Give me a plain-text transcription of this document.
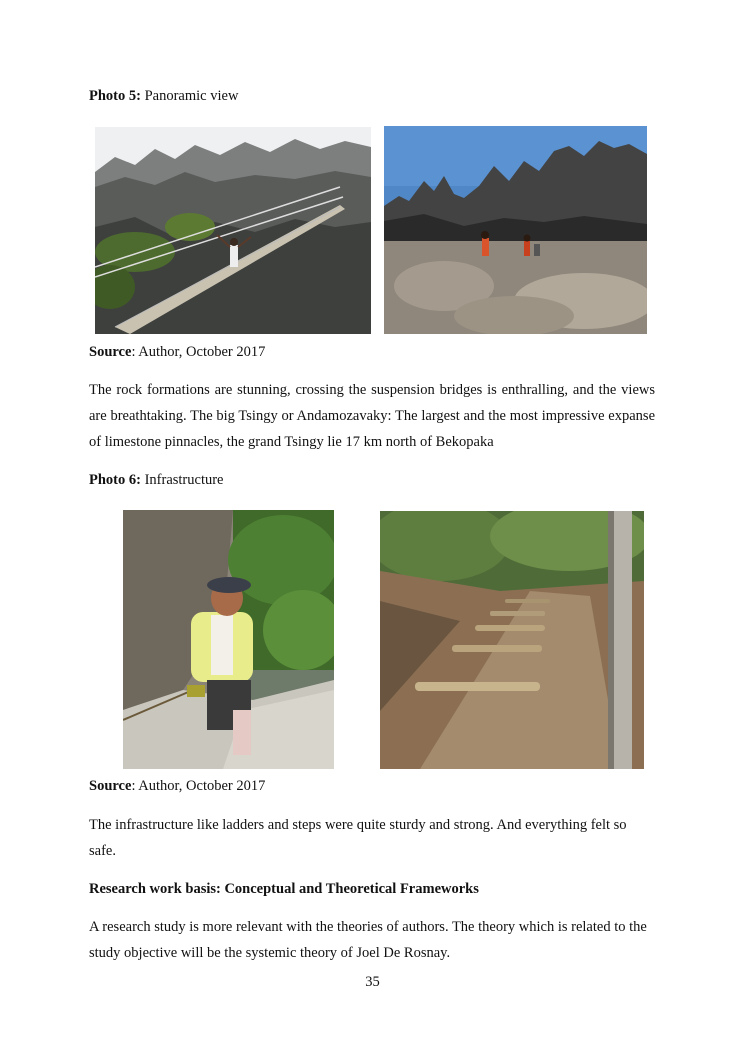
Photo 5: Panoramic view
Source: Author, October 2017
The rock formations are stunning, crossing the suspension bridges is enthralling, and the views are breathtaking. The big Tsingy or Andamozavaky: The largest and the most impressive expanse of limestone pinnacles, the grand Tsingy lie 17 km north of Bekopaka
Photo 6: Infrastructure
Source: Author, October 2017
The infrastructure like ladders and steps were quite sturdy and strong. And everything felt so safe.
Research work basis: Conceptual and Theoretical Frameworks
A research study is more relevant with the theories of authors. The theory which is related to the study objective will be the systemic theory of Joel De Rosnay.
35
